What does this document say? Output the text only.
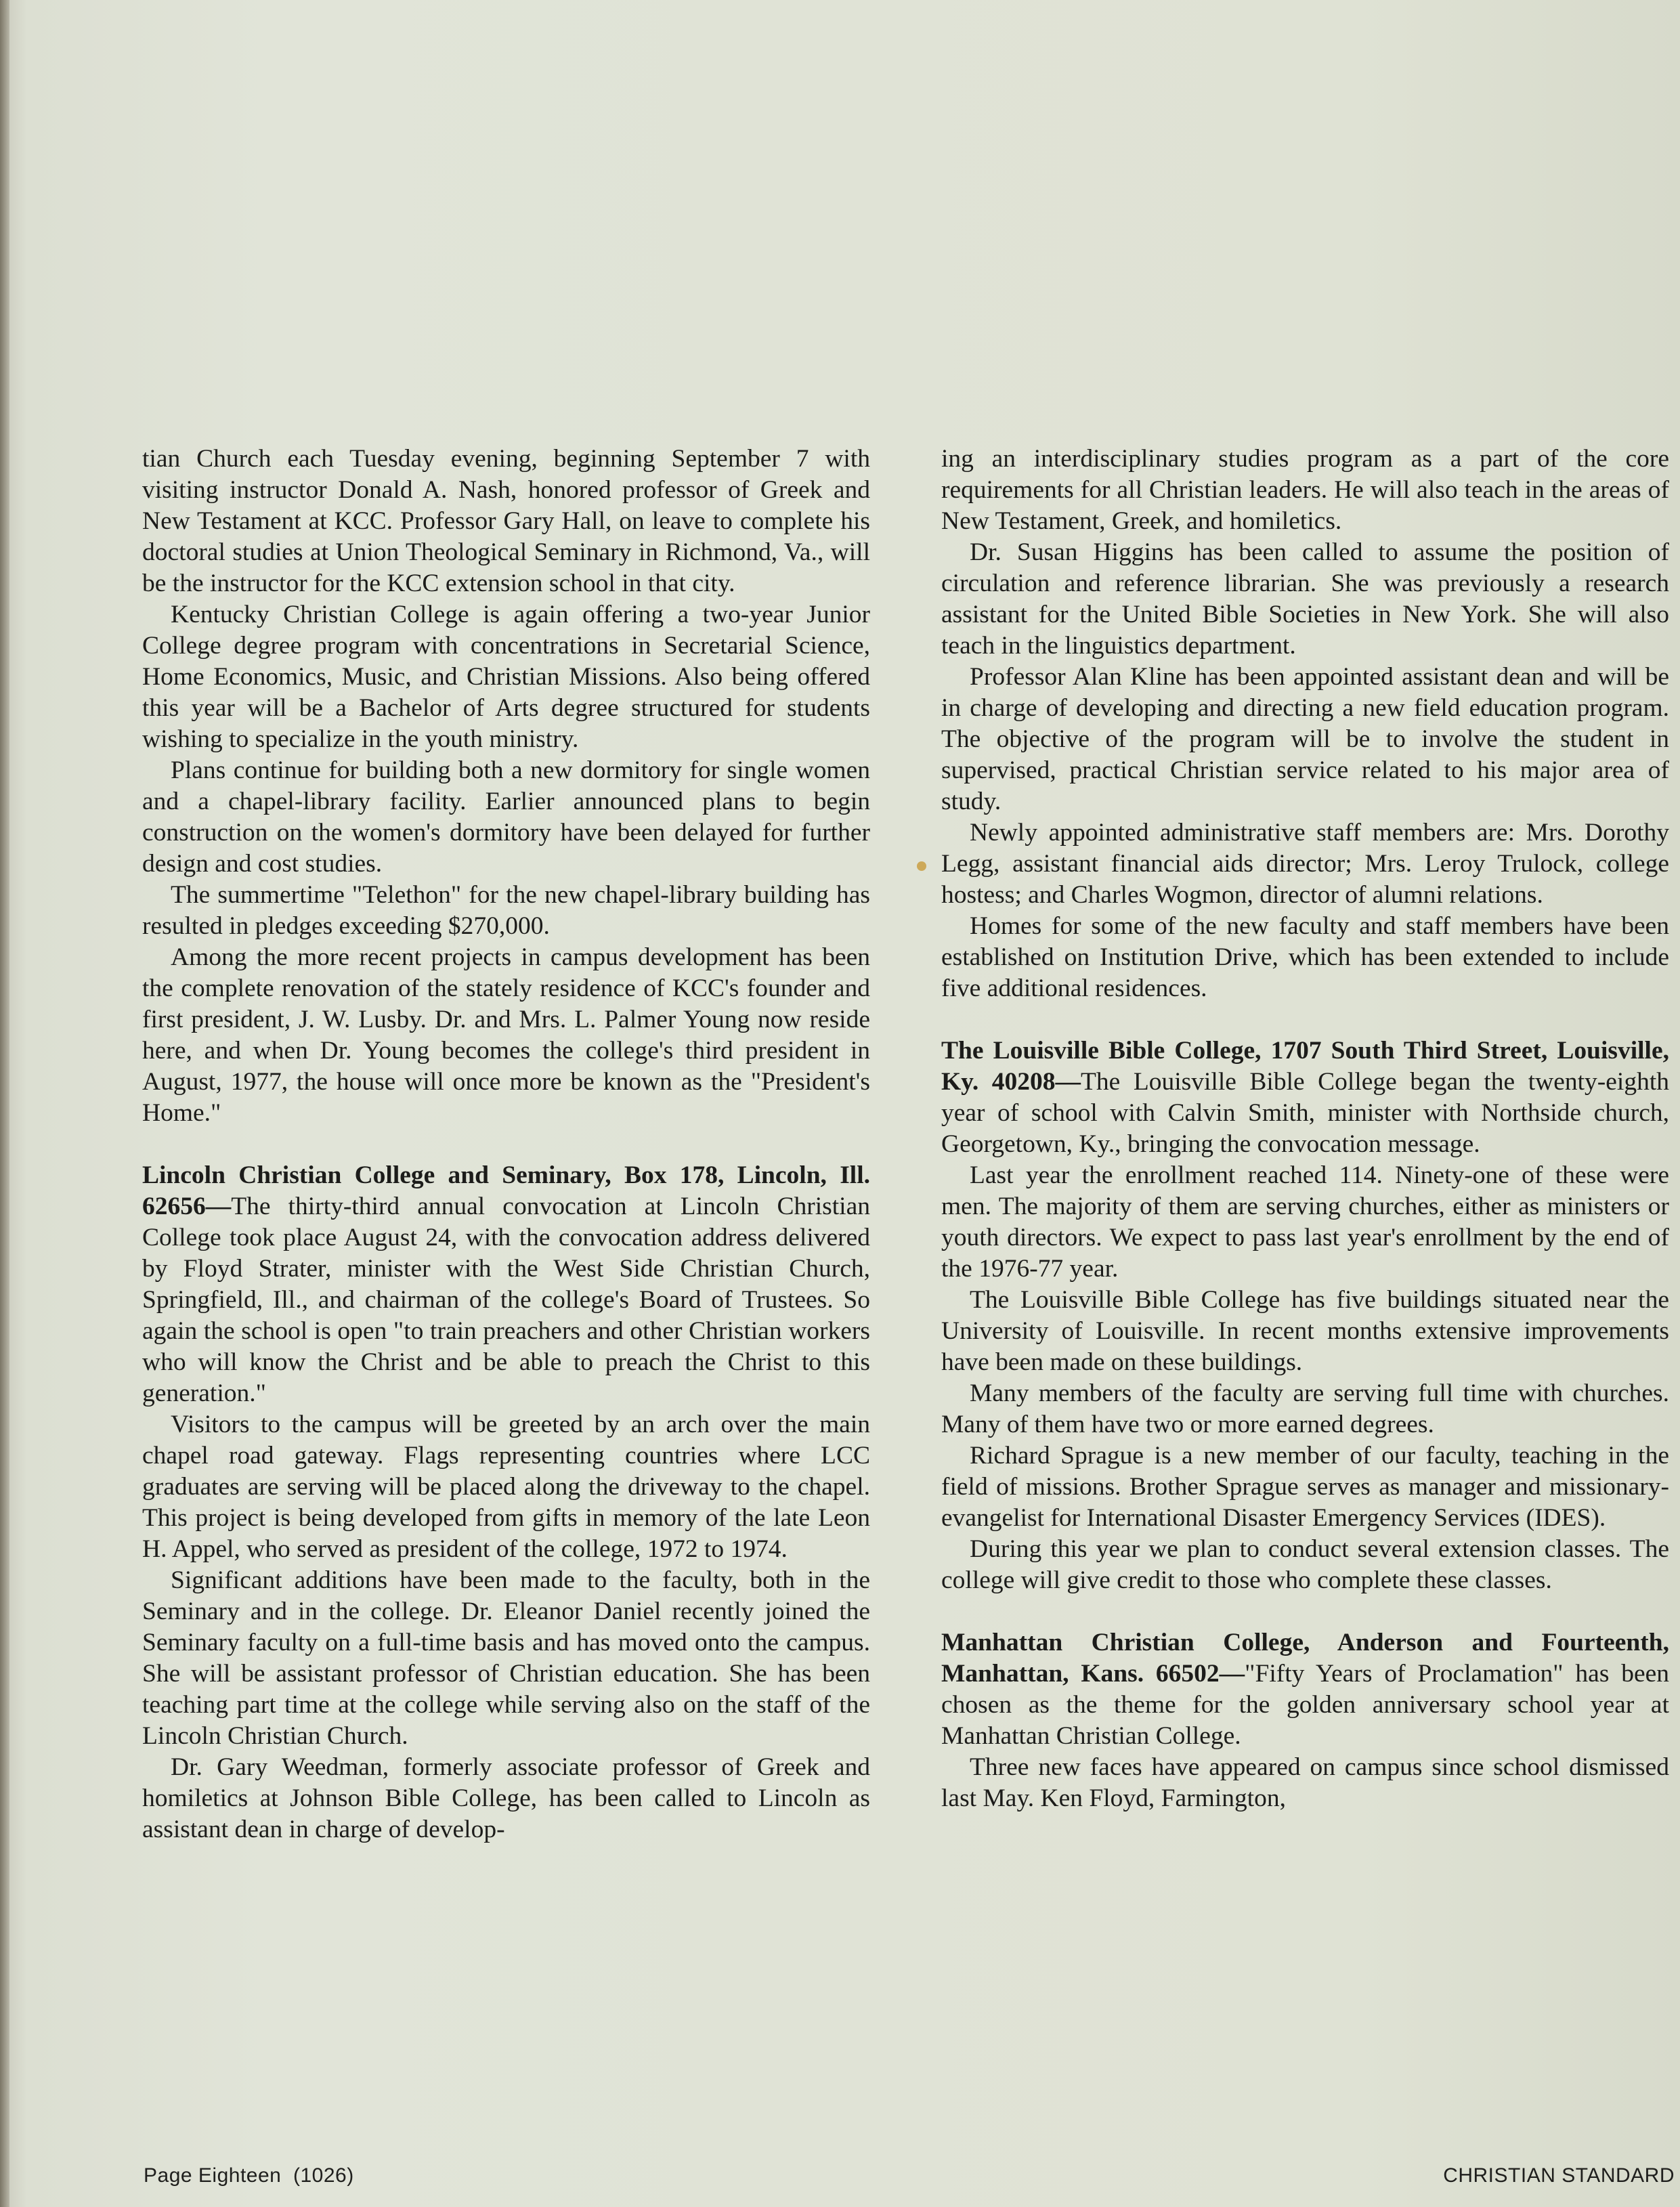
tian Church each Tuesday evening, beginning September 7 with visiting instructor Donald A. Nash, honored professor of Greek and New Testament at KCC. Professor Gary Hall, on leave to complete his doctoral studies at Union Theological Seminary in Richmond, Va., will be the instructor for the KCC extension school in that city.

Kentucky Christian College is again offering a two-year Junior College degree program with concentrations in Secretarial Science, Home Economics, Music, and Christian Missions. Also being offered this year will be a Bachelor of Arts degree structured for students wishing to specialize in the youth ministry.

Plans continue for building both a new dormitory for single women and a chapel-library facility. Earlier announced plans to begin construction on the women's dormitory have been delayed for further design and cost studies.

The summertime "Telethon" for the new chapel-library building has resulted in pledges exceeding $270,000.

Among the more recent projects in campus development has been the complete renovation of the stately residence of KCC's founder and first president, J. W. Lusby. Dr. and Mrs. L. Palmer Young now reside here, and when Dr. Young becomes the college's third president in August, 1977, the house will once more be known as the "President's Home."

Lincoln Christian College and Seminary, Box 178, Lincoln, Ill. 62656—The thirty-third annual convocation at Lincoln Christian College took place August 24, with the convocation address delivered by Floyd Strater, minister with the West Side Christian Church, Springfield, Ill., and chairman of the college's Board of Trustees. So again the school is open "to train preachers and other Christian workers who will know the Christ and be able to preach the Christ to this generation."

Visitors to the campus will be greeted by an arch over the main chapel road gateway. Flags representing countries where LCC graduates are serving will be placed along the driveway to the chapel. This project is being developed from gifts in memory of the late Leon H. Appel, who served as president of the college, 1972 to 1974.

Significant additions have been made to the faculty, both in the Seminary and in the college. Dr. Eleanor Daniel recently joined the Seminary faculty on a full-time basis and has moved onto the campus. She will be assistant professor of Christian education. She has been teaching part time at the college while serving also on the staff of the Lincoln Christian Church.

Dr. Gary Weedman, formerly associate professor of Greek and homiletics at Johnson Bible College, has been called to Lincoln as assistant dean in charge of develop-

ing an interdisciplinary studies program as a part of the core requirements for all Christian leaders. He will also teach in the areas of New Testament, Greek, and homiletics.

Dr. Susan Higgins has been called to assume the position of circulation and reference librarian. She was previously a research assistant for the United Bible Societies in New York. She will also teach in the linguistics department.

Professor Alan Kline has been appointed assistant dean and will be in charge of developing and directing a new field education program. The objective of the program will be to involve the student in supervised, practical Christian service related to his major area of study.

Newly appointed administrative staff members are: Mrs. Dorothy Legg, assistant financial aids director; Mrs. Leroy Trulock, college hostess; and Charles Wogmon, director of alumni relations.

Homes for some of the new faculty and staff members have been established on Institution Drive, which has been extended to include five additional residences.

The Louisville Bible College, 1707 South Third Street, Louisville, Ky. 40208—The Louisville Bible College began the twenty-eighth year of school with Calvin Smith, minister with Northside church, Georgetown, Ky., bringing the convocation message.

Last year the enrollment reached 114. Ninety-one of these were men. The majority of them are serving churches, either as ministers or youth directors. We expect to pass last year's enrollment by the end of the 1976-77 year.

The Louisville Bible College has five buildings situated near the University of Louisville. In recent months extensive improvements have been made on these buildings.

Many members of the faculty are serving full time with churches. Many of them have two or more earned degrees.

Richard Sprague is a new member of our faculty, teaching in the field of missions. Brother Sprague serves as manager and missionary-evangelist for International Disaster Emergency Services (IDES).

During this year we plan to conduct several extension classes. The college will give credit to those who complete these classes.

Manhattan Christian College, Anderson and Fourteenth, Manhattan, Kans. 66502—"Fifty Years of Proclamation" has been chosen as the theme for the golden anniversary school year at Manhattan Christian College.

Three new faces have appeared on campus since school dismissed last May. Ken Floyd, Farmington,

Page Eighteen  (1026)	CHRISTIAN STANDARD
